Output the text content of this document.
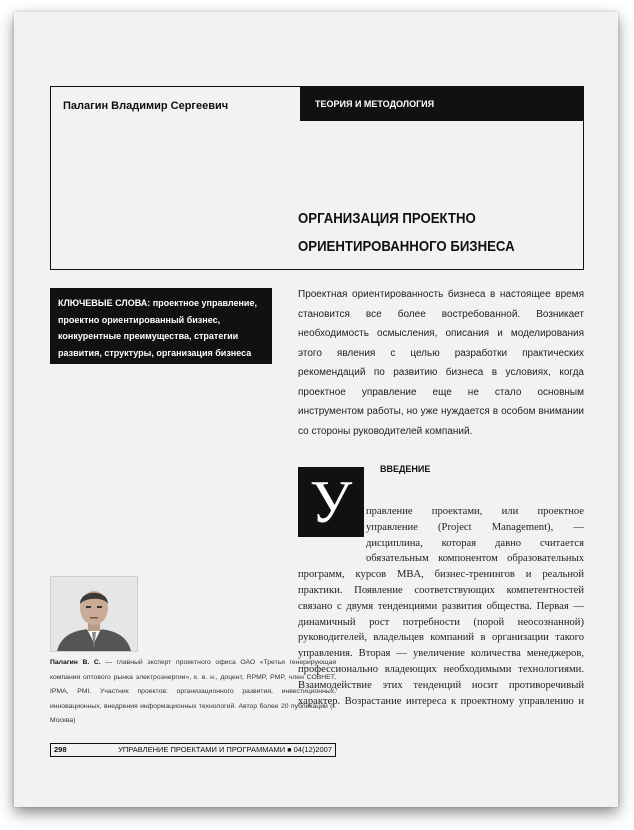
Палагин Владимир Сергеевич	ТЕОРИЯ И МЕТОДОЛОГИЯ
ОРГАНИЗАЦИЯ ПРОЕКТНО
ОРИЕНТИРОВАННОГО БИЗНЕСА
КЛЮЧЕВЫЕ СЛОВА: проектное управление, проектно ориентированный бизнес, конкурентные преимущества, стратегии развития, структуры, организация бизнеса
Проектная ориентированность бизнеса в настоящее время становится все более востребованной. Возникает необходимость осмысления, описания и моделирования этого явления с целью разработки практических рекомендаций по развитию бизнеса в условиях, когда проектное управление еще не стало основным инструментом работы, но уже нуждается в особом внимании со стороны руководителей компаний.
У	ВВЕДЕНИЕ
правление проектами, или проектное управление (Project Management), — дисциплина, которая давно считается обязательным компонентом образовательных программ, курсов MBA, бизнес-тренингов и реальной практики. Появление соответствующих компетентностей связано с двумя тенденциями развития общества. Первая — динамичный рост потребности (порой неосознанной) руководителей, владельцев компаний в организации такого управления. Вторая — увеличение количества менеджеров, профессионально владеющих необходимыми технологиями. Взаимодействие этих тенденций носит противоречивый характер. Возрастание интереса к проектному управлению и
Палагин В. С. — главный эксперт проектного офиса ОАО «Третья генерирующая компания оптового рынка электроэнергии», к. в. н., доцент, RPMP, PMP, член СОВНЕТ, IPMA, PMI. Участник проектов: организационного развития, инвестиционных, инновационных, внедрения информационных технологий. Автор более 20 публикаций (г. Москва)
298	УПРАВЛЕНИЕ ПРОЕКТАМИ И ПРОГРАММАМИ ■ 04(12)2007
